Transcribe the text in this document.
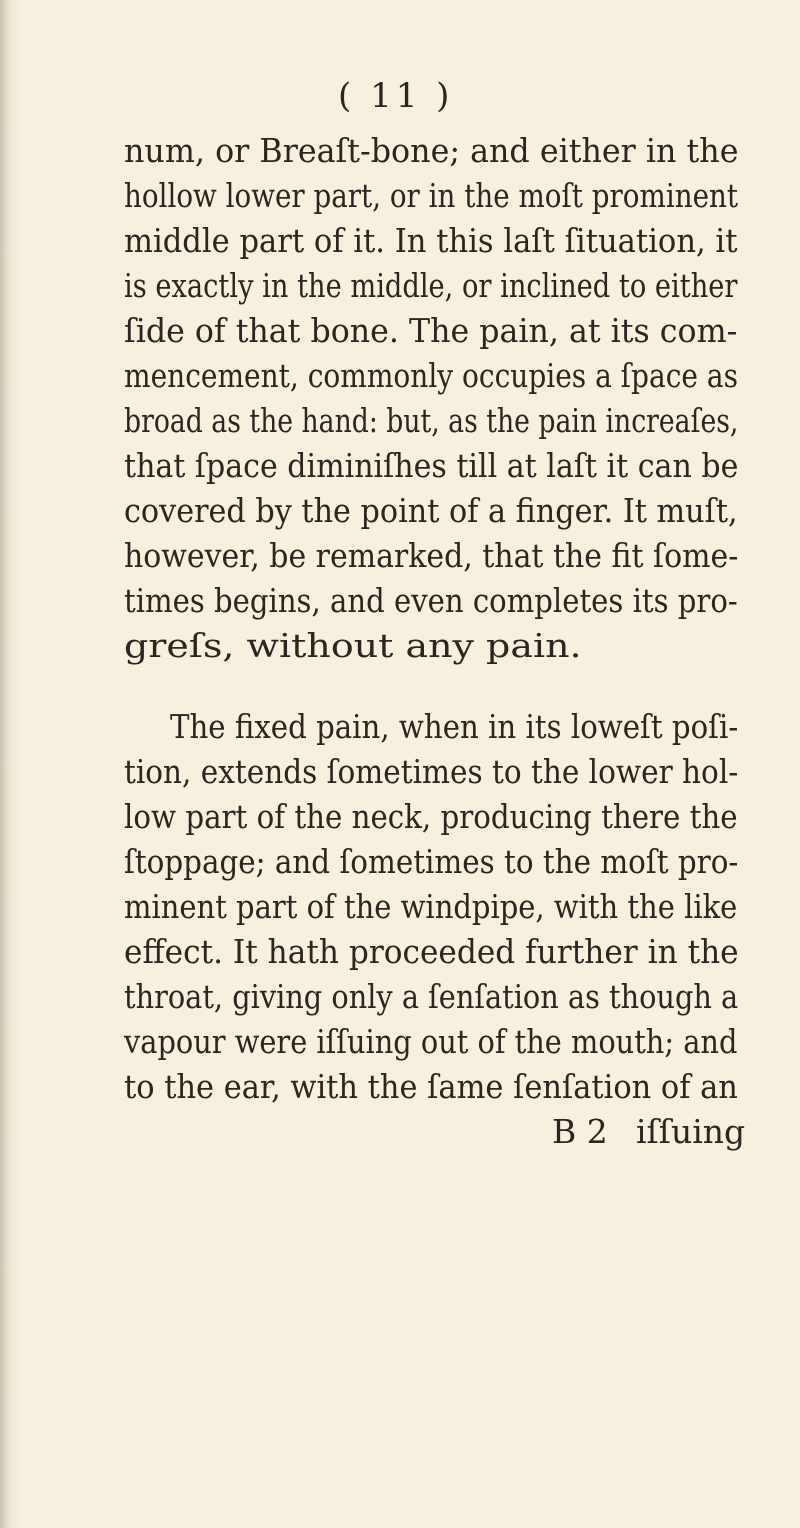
( 11 )
num, or Breaſt-bone; and either in the
hollow lower part, or in the moſt prominent
middle part of it. In this laſt ſituation, it
is exactly in the middle, or inclined to either
ſide of that bone. The pain, at its com-
mencement, commonly occupies a ſpace as
broad as the hand: but, as the pain increaſes,
that ſpace diminiſhes till at laſt it can be
covered by the point of a finger. It muſt,
however, be remarked, that the fit ſome-
times begins, and even completes its pro-
greſs, without any pain.
The fixed pain, when in its loweſt poſi-
tion, extends ſometimes to the lower hol-
low part of the neck, producing there the
ſtoppage; and ſometimes to the moſt pro-
minent part of the windpipe, with the like
effect. It hath proceeded further in the
throat, giving only a ſenſation as though a
vapour were iſſuing out of the mouth; and
to the ear, with the ſame ſenſation of an
B 2 iſſuing
